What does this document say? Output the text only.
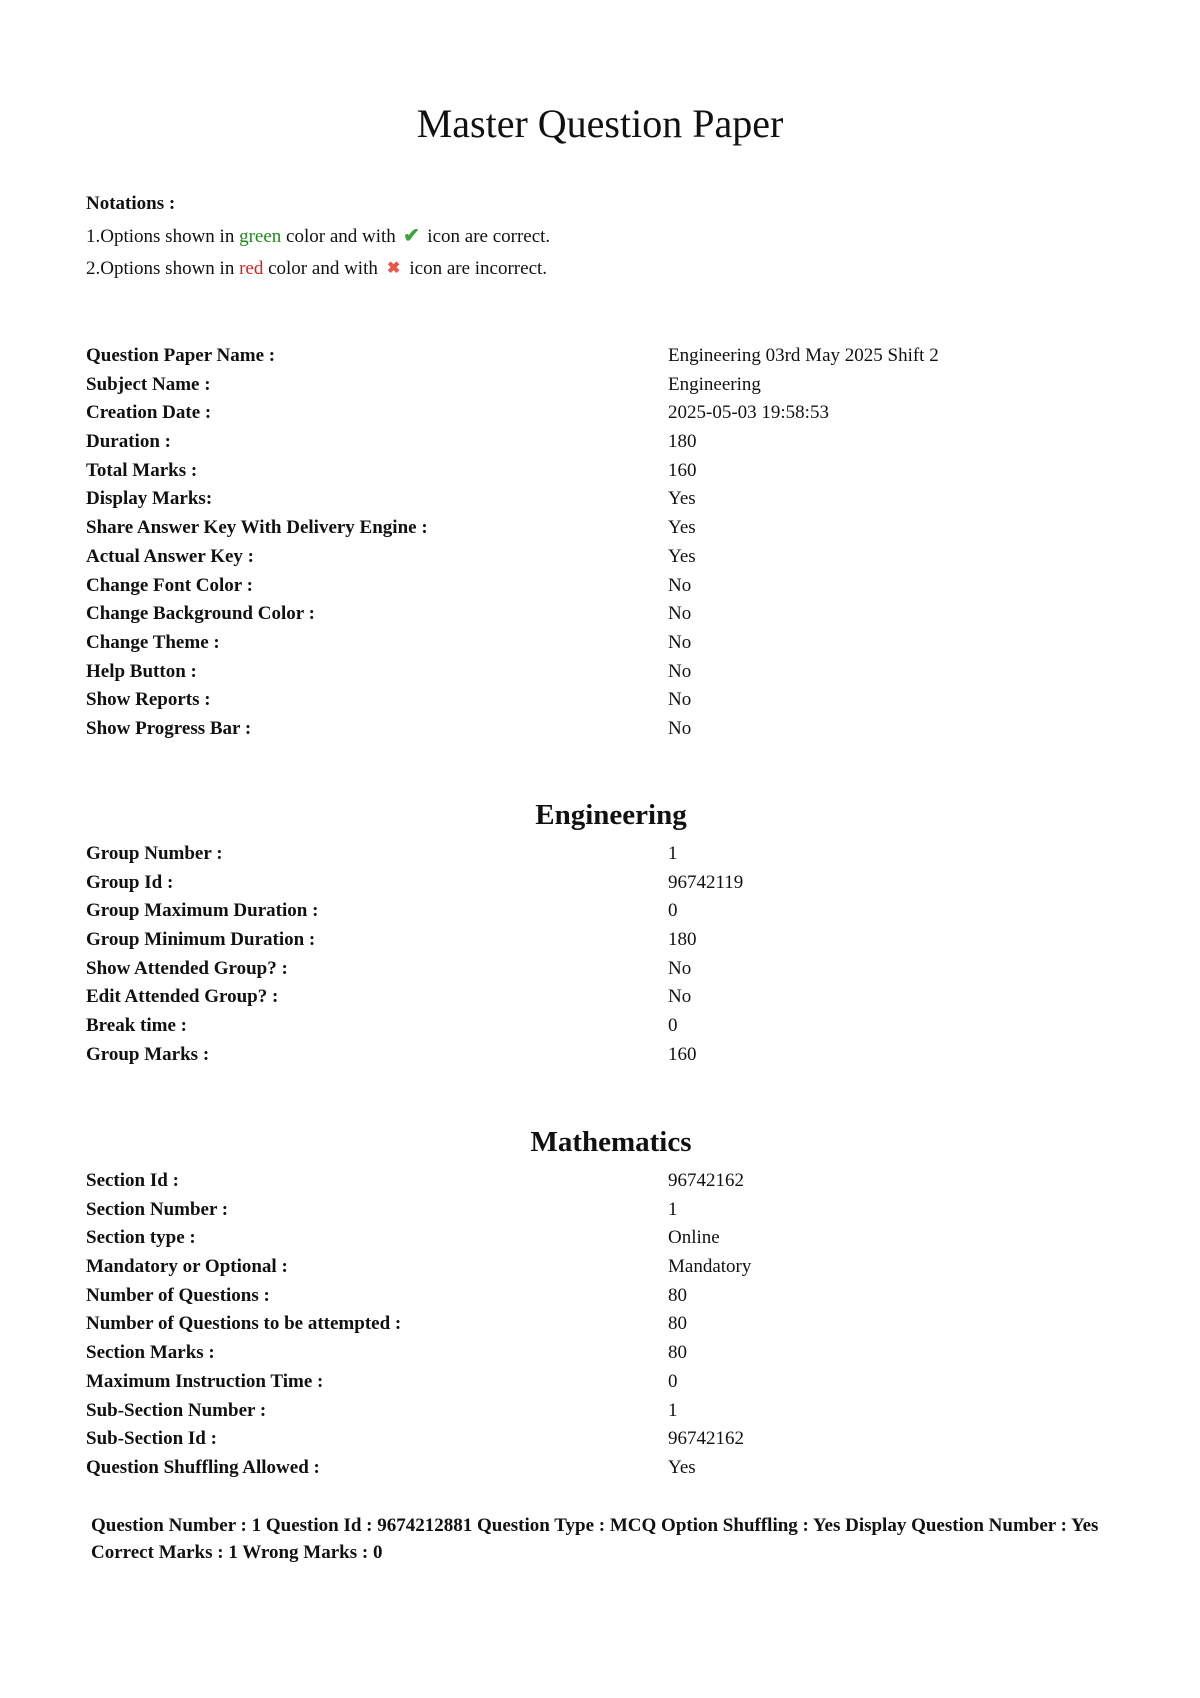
Master Question Paper
Notations :
1.Options shown in green color and with ✔ icon are correct.
2.Options shown in red color and with ✖ icon are incorrect.
Question Paper Name :	Engineering 03rd May 2025 Shift 2
Subject Name :	Engineering
Creation Date :	2025-05-03 19:58:53
Duration :	180
Total Marks :	160
Display Marks:	Yes
Share Answer Key With Delivery Engine :	Yes
Actual Answer Key :	Yes
Change Font Color :	No
Change Background Color :	No
Change Theme :	No
Help Button :	No
Show Reports :	No
Show Progress Bar :	No
Engineering
Group Number :	1
Group Id :	96742119
Group Maximum Duration :	0
Group Minimum Duration :	180
Show Attended Group? :	No
Edit Attended Group? :	No
Break time :	0
Group Marks :	160
Mathematics
Section Id :	96742162
Section Number :	1
Section type :	Online
Mandatory or Optional :	Mandatory
Number of Questions :	80
Number of Questions to be attempted :	80
Section Marks :	80
Maximum Instruction Time :	0
Sub-Section Number :	1
Sub-Section Id :	96742162
Question Shuffling Allowed :	Yes
Question Number : 1 Question Id : 9674212881 Question Type : MCQ Option Shuffling : Yes Display Question Number : Yes
Correct Marks : 1 Wrong Marks : 0
